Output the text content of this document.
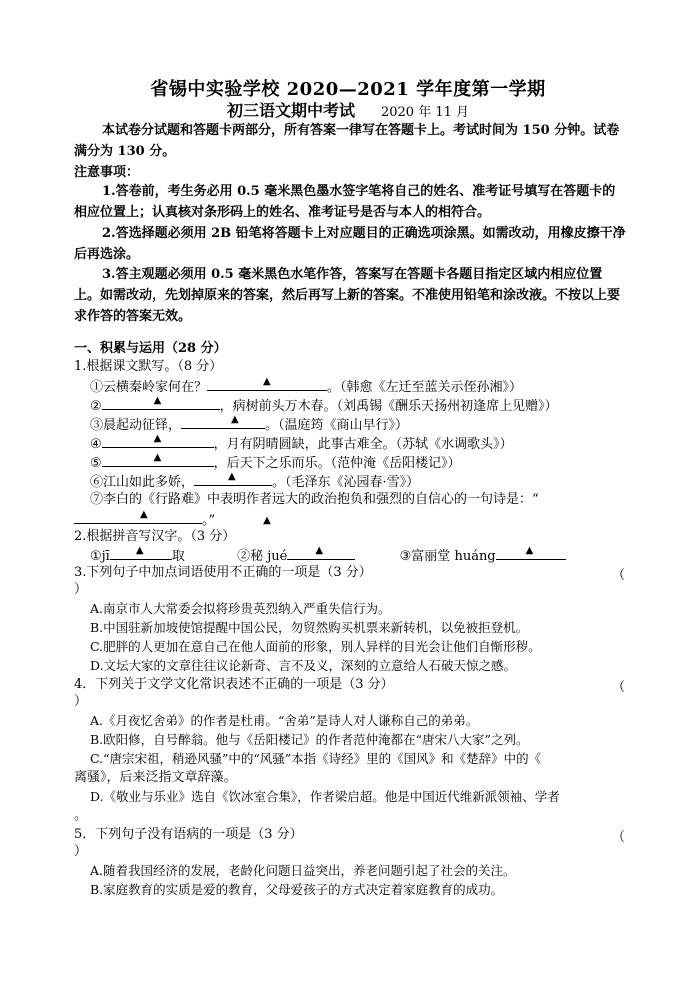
省锡中实验学校 2020—2021 学年度第一学期
初三语文期中考试 2020 年 11 月
本试卷分试题和答题卡两部分，所有答案一律写在答题卡上。考试时间为 150 分钟。试卷满分为 130 分。
注意事项：
1.答卷前，考生务必用 0.5 毫米黑色墨水签字笔将自己的姓名、准考证号填写在答题卡的相应位置上；认真核对条形码上的姓名、准考证号是否与本人的相符合。
2.答选择题必须用 2B 铅笔将答题卡上对应题目的正确选项涂黑。如需改动，用橡皮擦干净后再选涂。
3.答主观题必须用 0.5 毫米黑色水笔作答，答案写在答题卡各题目指定区域内相应位置上。如需改动，先划掉原来的答案，然后再写上新的答案。不准使用铅笔和涂改液。不按以上要求作答的答案无效。
一、积累与运用（28 分）
1.根据课文默写。（8 分）
①云横秦岭家何在？	▲	。（韩愈《左迁至蓝关示侄孙湘》）
②	▲	，病树前头万木春。（刘禹锡《酬乐天扬州初逢席上见赠》）
③晨起动征铎，	▲ 。（温庭筠《商山早行》）
④	▲	，月有阴晴圆缺，此事古难全。（苏轼《水调歌头》）
⑤	▲	，后天下之乐而乐。（范仲淹《岳阳楼记》）
⑥江山如此多娇，	▲	。（毛泽东《沁园春·雪》）
⑦李白的《行路难》中表明作者远大的政治抱负和强烈的自信心的一句诗是：“
▲	。”	▲
2.根据拼音写汉字。（3 分）
①jī	▲ 取	②秘 jué	▲	③富丽堂 huáng	▲
3.下列句子中加点词语使用不正确的一项是（3 分）	（
）
A.南京市人大常委会拟将珍贵英烈纳入严重失信行为。
B.中国驻新加坡使馆提醒中国公民，勿贸然购买机票来新转机，以免被拒登机。
C.肥胖的人更加在意自己在他人面前的形象，别人异样的目光会让他们自惭形秽。
D.文坛大家的文章往往议论新奇、言不及义，深刻的立意给人石破天惊之感。
4．下列关于文学文化常识表述不正确的一项是（3 分）	（
）
A.《月夜忆舍弟》的作者是杜甫。“舍弟”是诗人对人谦称自己的弟弟。
B.欧阳修，自号醉翁。他与《岳阳楼记》的作者范仲淹都在“唐宋八大家”之列。
C.“唐宗宋祖，稍逊风骚”中的“风骚”本指《诗经》里的《国风》和《楚辞》中的《
离骚》，后来泛指文章辞藻。
D.《敬业与乐业》选自《饮冰室合集》，作者梁启超。他是中国近代维新派领袖、学者
。
5．下列句子没有语病的一项是（3 分）	（
）
A.随着我国经济的发展，老龄化问题日益突出，养老问题引起了社会的关注。
B.家庭教育的实质是爱的教育，父母爱孩子的方式决定着家庭教育的成功。
